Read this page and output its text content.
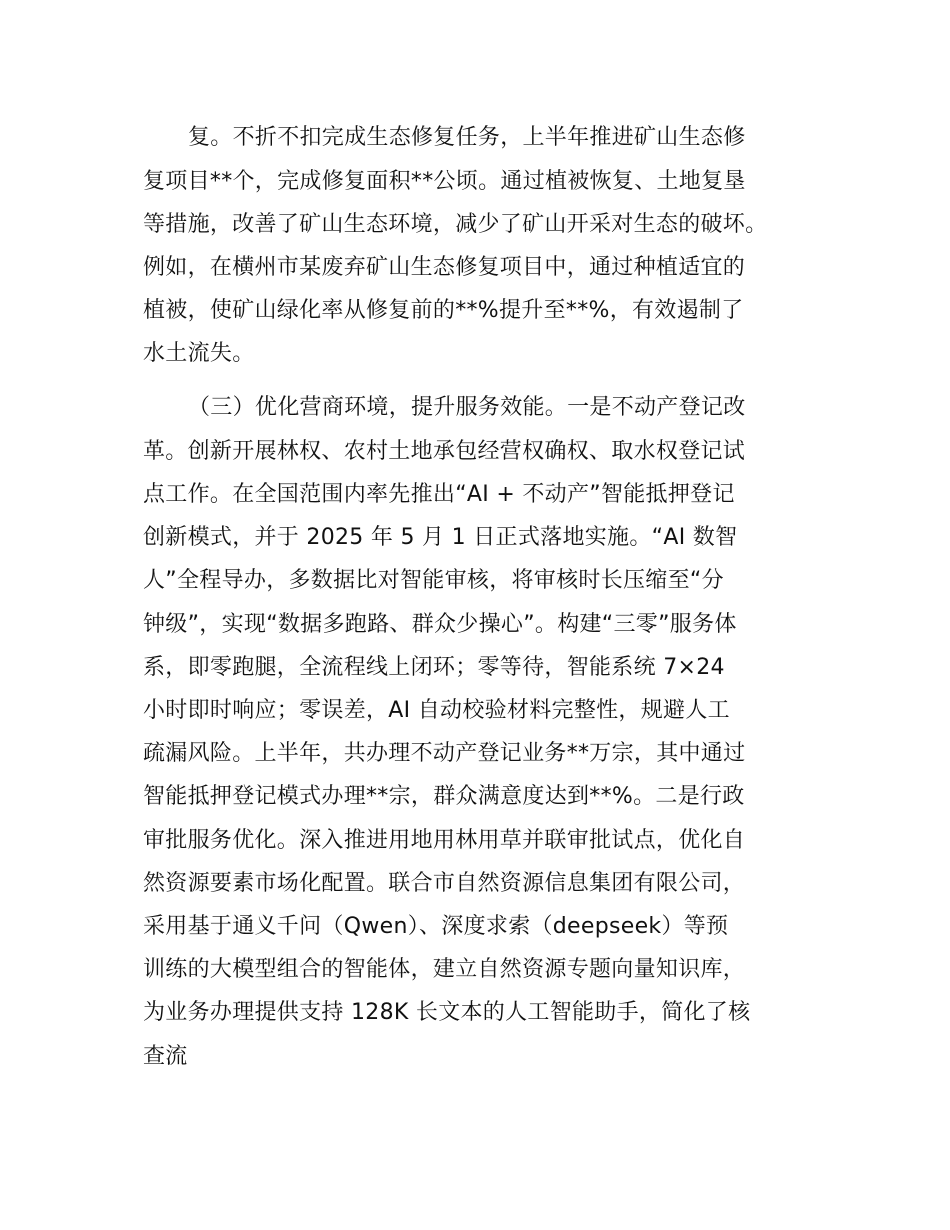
复。不折不扣完成生态修复任务，上半年推进矿山生态修
复项目**个，完成修复面积**公顷。通过植被恢复、土地复垦
等措施，改善了矿山生态环境，减少了矿山开采对生态的破坏。
例如，在横州市某废弃矿山生态修复项目中，通过种植适宜的
植被，使矿山绿化率从修复前的**%提升至**%，有效遏制了
水土流失。
（三）优化营商环境，提升服务效能。一是不动产登记改
革。创新开展林权、农村土地承包经营权确权、取水权登记试
点工作。在全国范围内率先推出“AI + 不动产”智能抵押登记
创新模式，并于 2025 年 5 月 1 日正式落地实施。“AI 数智
人”全程导办，多数据比对智能审核，将审核时长压缩至“分
钟级”，实现“数据多跑路、群众少操心”。构建“三零”服务体
系，即零跑腿，全流程线上闭环；零等待，智能系统 7×24
小时即时响应；零误差，AI 自动校验材料完整性，规避人工
疏漏风险。上半年，共办理不动产登记业务**万宗，其中通过
智能抵押登记模式办理**宗，群众满意度达到**%。二是行政
审批服务优化。深入推进用地用林用草并联审批试点，优化自
然资源要素市场化配置。联合市自然资源信息集团有限公司，
采用基于通义千问（Qwen）、深度求索（deepseek）等预
训练的大模型组合的智能体，建立自然资源专题向量知识库，
为业务办理提供支持 128K 长文本的人工智能助手，简化了核
查流
